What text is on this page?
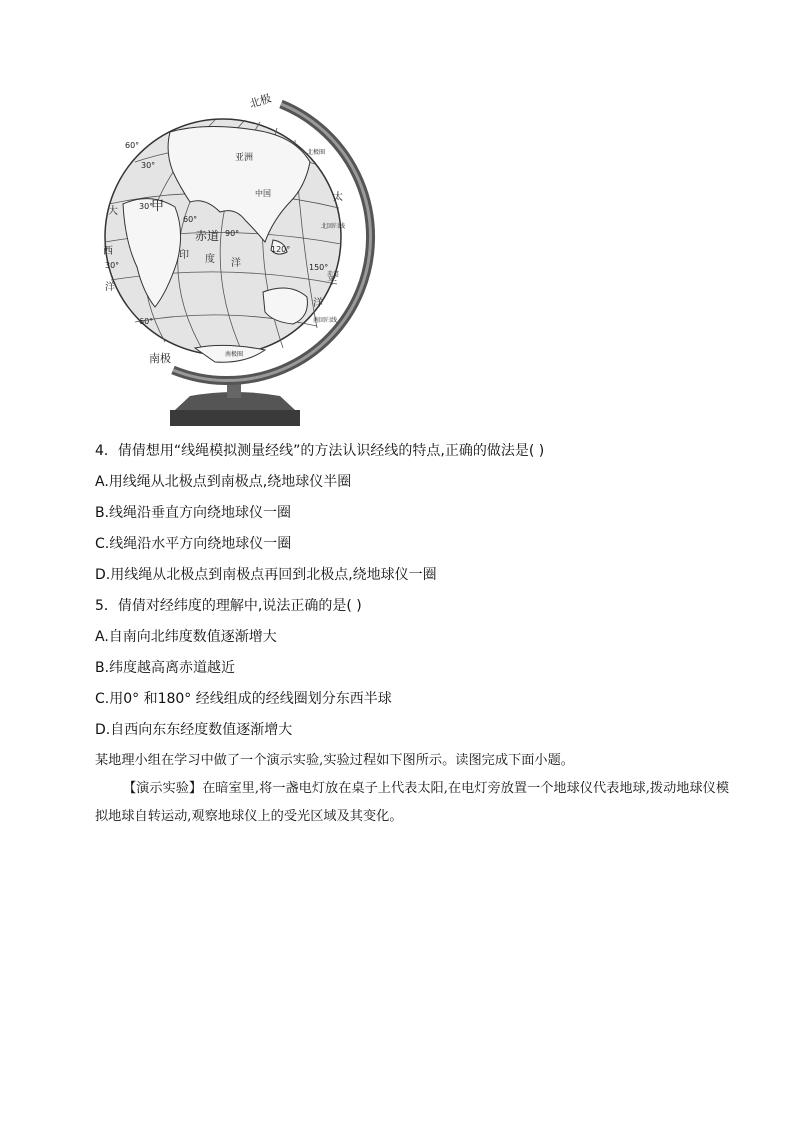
北极
南极
甲
30°
赤道
亚洲
中国
大
西
洋
印 度 洋
太
平
洋
60°
90°
120°
150°
60°
30°
30°
60°
北回归线
南回归线
赤道
北极圈
南极圈

4．倩倩想用“线绳模拟测量经线”的方法认识经线的特点,正确的做法是( )

A.用线绳从北极点到南极点,绕地球仪半圈

B.线绳沿垂直方向绕地球仪一圈

C.线绳沿水平方向绕地球仪一圈

D.用线绳从北极点到南极点再回到北极点,绕地球仪一圈

5．倩倩对经纬度的理解中,说法正确的是( )

A.自南向北纬度数值逐渐增大

B.纬度越高离赤道越近

C.用0° 和180° 经线组成的经线圈划分东西半球

D.自西向东东经度数值逐渐增大

某地理小组在学习中做了一个演示实验,实验过程如下图所示。读图完成下面小题。

【演示实验】在暗室里,将一盏电灯放在桌子上代表太阳,在电灯旁放置一个地球仪代表地球,拨动地球仪模拟地球自转运动,观察地球仪上的受光区域及其变化。
